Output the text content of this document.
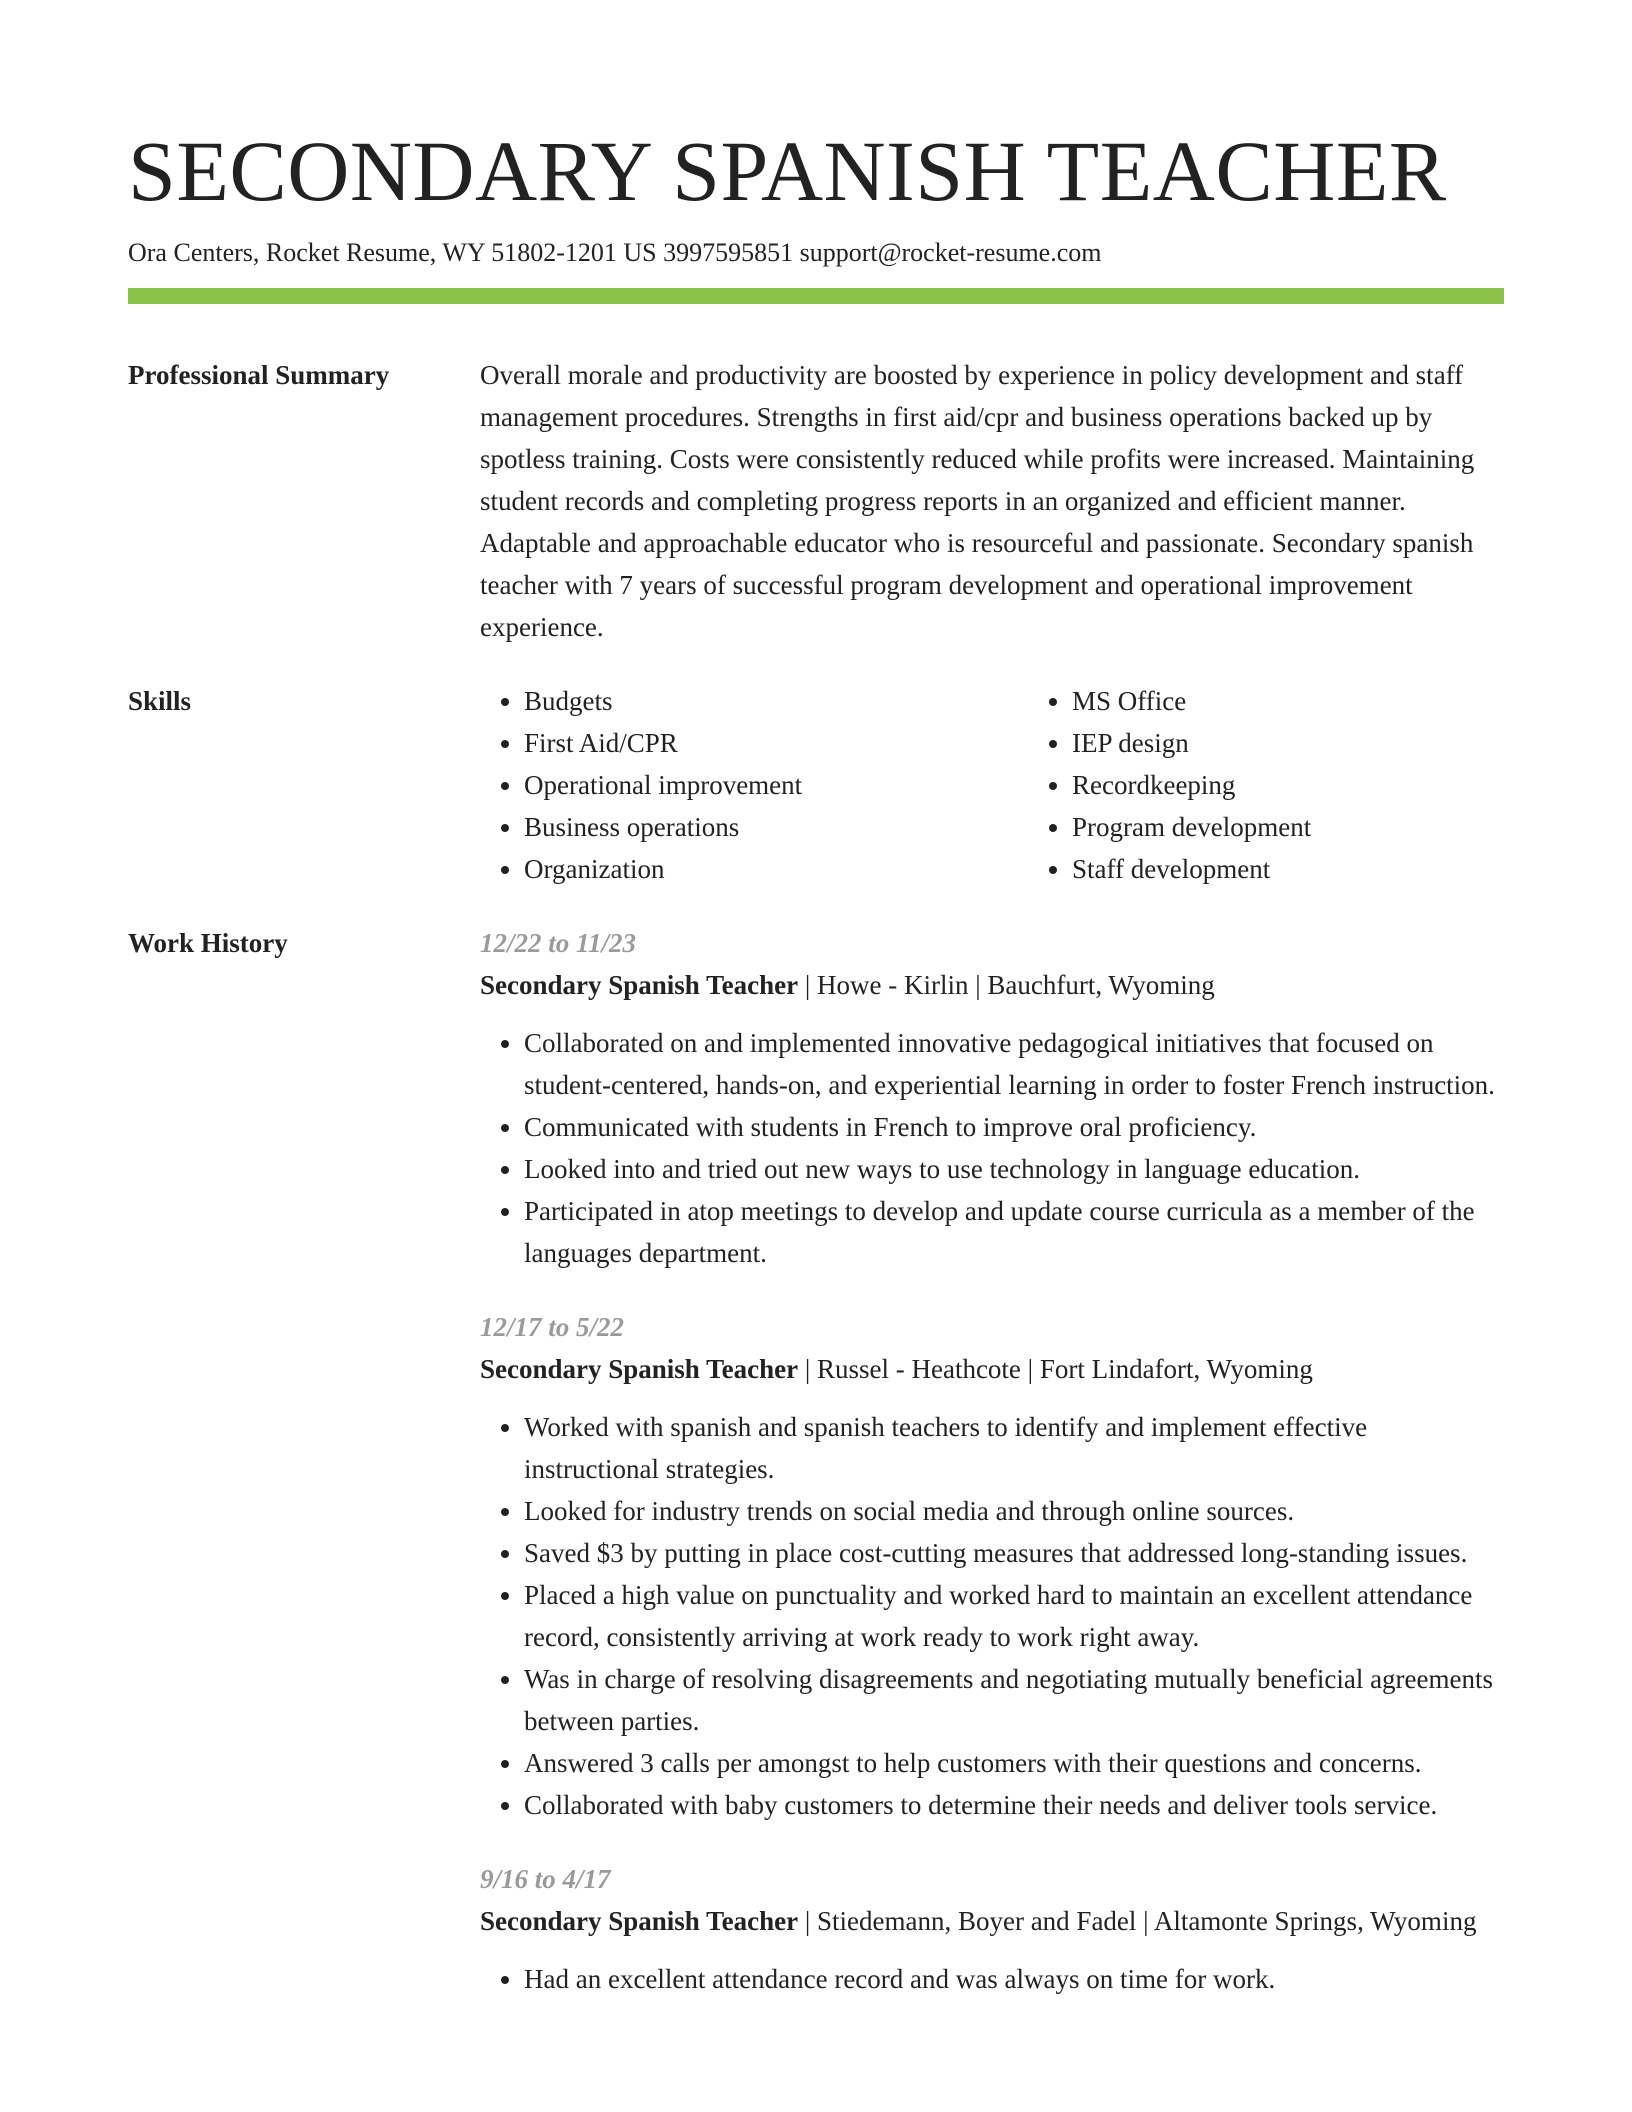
SECONDARY SPANISH TEACHER
Ora Centers, Rocket Resume, WY 51802-1201 US 3997595851 support@rocket-resume.com
Professional Summary	Overall morale and productivity are boosted by experience in policy development and staff management procedures. Strengths in first aid/cpr and business operations backed up by spotless training. Costs were consistently reduced while profits were increased. Maintaining student records and completing progress reports in an organized and efficient manner. Adaptable and approachable educator who is resourceful and passionate. Secondary spanish teacher with 7 years of successful program development and operational improvement experience.
Skills
•	Budgets
• First Aid/CPR
• Operational improvement
• Business operations
• Organization
• MS Office
• IEP design
• Recordkeeping
• Program development
• Staff development
Work History	12/22 to 11/23
Secondary Spanish Teacher | Howe - Kirlin | Bauchfurt, Wyoming
• Collaborated on and implemented innovative pedagogical initiatives that focused on student-centered, hands-on, and experiential learning in order to foster French instruction.
• Communicated with students in French to improve oral proficiency.
• Looked into and tried out new ways to use technology in language education.
• Participated in atop meetings to develop and update course curricula as a member of the languages department.
12/17 to 5/22
Secondary Spanish Teacher | Russel - Heathcote | Fort Lindafort, Wyoming
• Worked with spanish and spanish teachers to identify and implement effective instructional strategies.
• Looked for industry trends on social media and through online sources.
• Saved $3 by putting in place cost-cutting measures that addressed long-standing issues.
• Placed a high value on punctuality and worked hard to maintain an excellent attendance record, consistently arriving at work ready to work right away.
• Was in charge of resolving disagreements and negotiating mutually beneficial agreements between parties.
• Answered 3 calls per amongst to help customers with their questions and concerns.
• Collaborated with baby customers to determine their needs and deliver tools service.
9/16 to 4/17
Secondary Spanish Teacher | Stiedemann, Boyer and Fadel | Altamonte Springs, Wyoming
• Had an excellent attendance record and was always on time for work.
